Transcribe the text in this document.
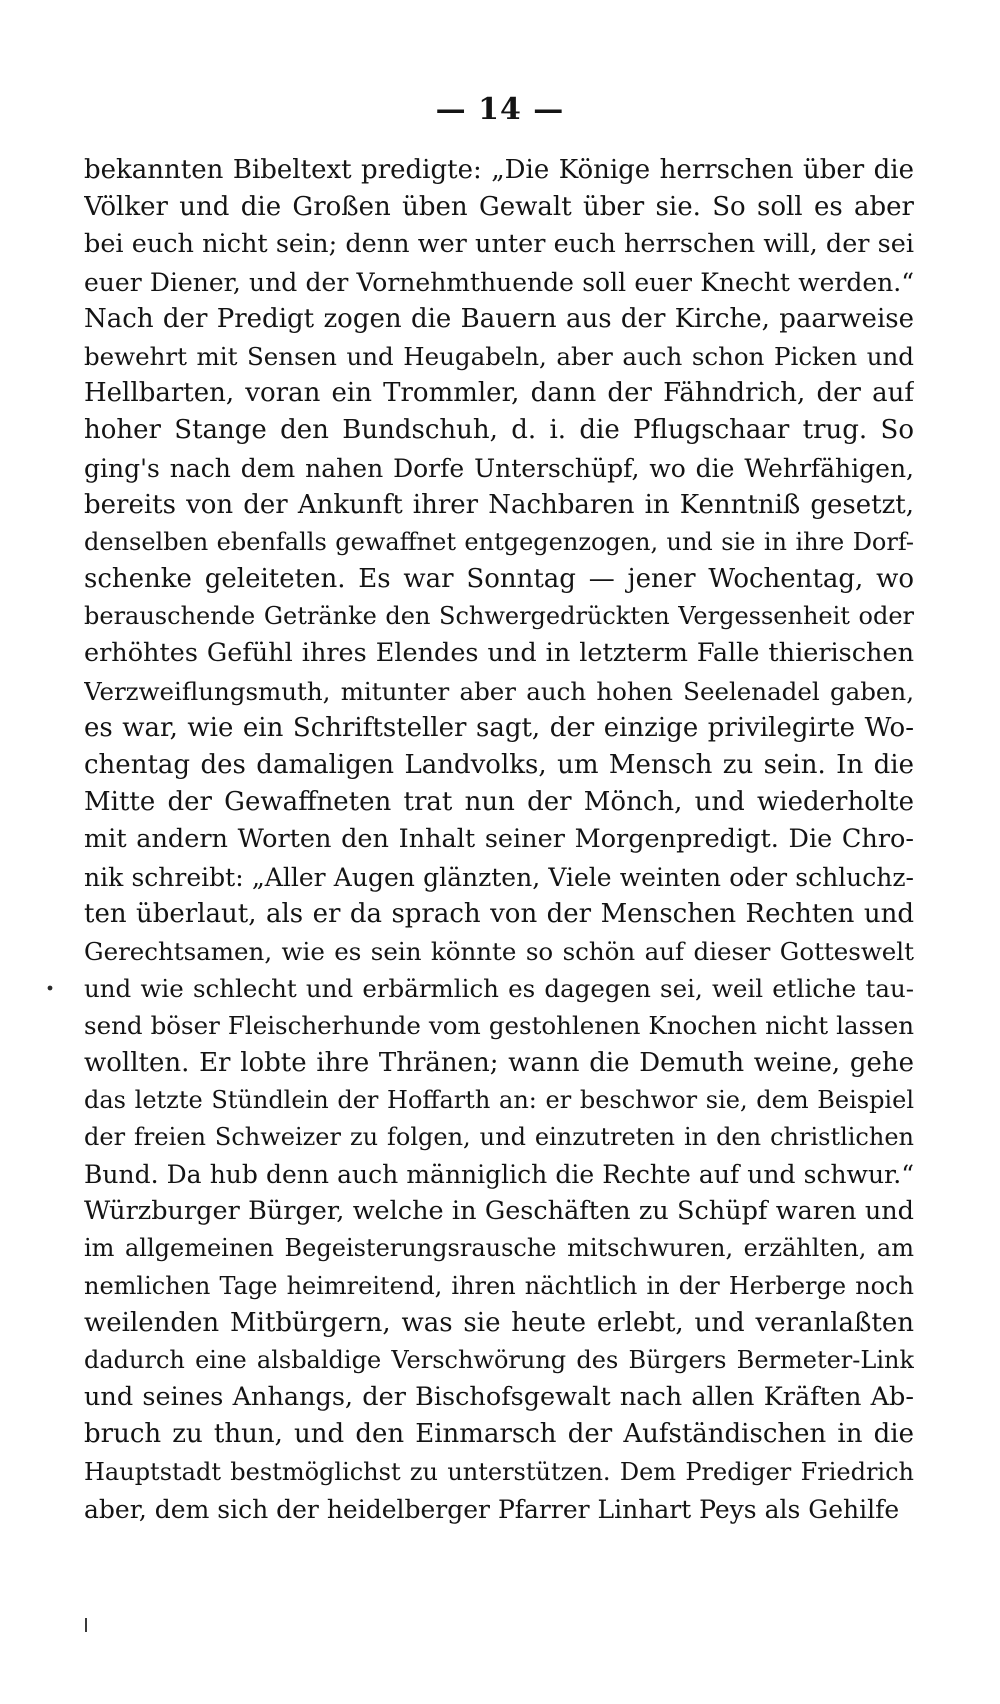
— 14 —
bekannten Bibeltext predigte: „Die Könige herrschen über die
Völker und die Großen üben Gewalt über sie. So soll es aber
bei euch nicht sein; denn wer unter euch herrschen will, der sei
euer Diener, und der Vornehmthuende soll euer Knecht werden.“
Nach der Predigt zogen die Bauern aus der Kirche, paarweise
bewehrt mit Sensen und Heugabeln, aber auch schon Picken und
Hellbarten, voran ein Trommler, dann der Fähndrich, der auf
hoher Stange den Bundschuh, d. i. die Pflugschaar trug. So
ging's nach dem nahen Dorfe Unterschüpf, wo die Wehrfähigen,
bereits von der Ankunft ihrer Nachbaren in Kenntniß gesetzt,
denselben ebenfalls gewaffnet entgegenzogen, und sie in ihre Dorf-
schenke geleiteten. Es war Sonntag — jener Wochentag, wo
berauschende Getränke den Schwergedrückten Vergessenheit oder
erhöhtes Gefühl ihres Elendes und in letzterm Falle thierischen
Verzweiflungsmuth, mitunter aber auch hohen Seelenadel gaben,
es war, wie ein Schriftsteller sagt, der einzige privilegirte Wo-
chentag des damaligen Landvolks, um Mensch zu sein. In die
Mitte der Gewaffneten trat nun der Mönch, und wiederholte
mit andern Worten den Inhalt seiner Morgenpredigt. Die Chro-
nik schreibt: „Aller Augen glänzten, Viele weinten oder schluchz-
ten überlaut, als er da sprach von der Menschen Rechten und
Gerechtsamen, wie es sein könnte so schön auf dieser Gotteswelt
und wie schlecht und erbärmlich es dagegen sei, weil etliche tau-
send böser Fleischerhunde vom gestohlenen Knochen nicht lassen
wollten. Er lobte ihre Thränen; wann die Demuth weine, gehe
das letzte Stündlein der Hoffarth an: er beschwor sie, dem Beispiel
der freien Schweizer zu folgen, und einzutreten in den christlichen
Bund. Da hub denn auch männiglich die Rechte auf und schwur.“
Würzburger Bürger, welche in Geschäften zu Schüpf waren und
im allgemeinen Begeisterungsrausche mitschwuren, erzählten, am
nemlichen Tage heimreitend, ihren nächtlich in der Herberge noch
weilenden Mitbürgern, was sie heute erlebt, und veranlaßten
dadurch eine alsbaldige Verschwörung des Bürgers Bermeter-Link
und seines Anhangs, der Bischofsgewalt nach allen Kräften Ab-
bruch zu thun, und den Einmarsch der Aufständischen in die
Hauptstadt bestmöglichst zu unterstützen. Dem Prediger Friedrich
aber, dem sich der heidelberger Pfarrer Linhart Peys als Gehilfe
